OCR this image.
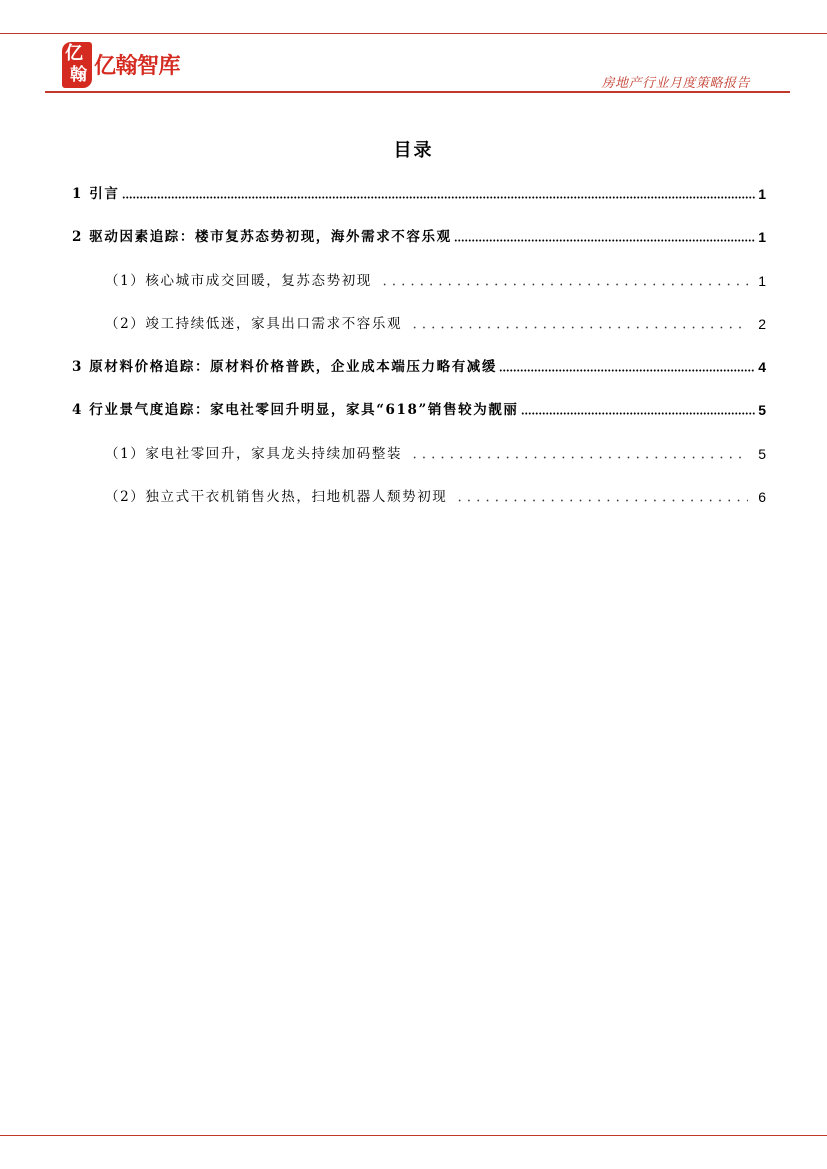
亿
翰 亿翰智库
房地产行业月度策略报告
目录
1 引言	1
2 驱动因素追踪：楼市复苏态势初现，海外需求不容乐观	1
（1）核心城市成交回暖，复苏态势初现	1
（2）竣工持续低迷，家具出口需求不容乐观	2
3 原材料价格追踪：原材料价格普跌，企业成本端压力略有减缓	4
4 行业景气度追踪：家电社零回升明显，家具“618”销售较为靓丽	5
（1）家电社零回升，家具龙头持续加码整装	5
（2）独立式干衣机销售火热，扫地机器人颓势初现	6
